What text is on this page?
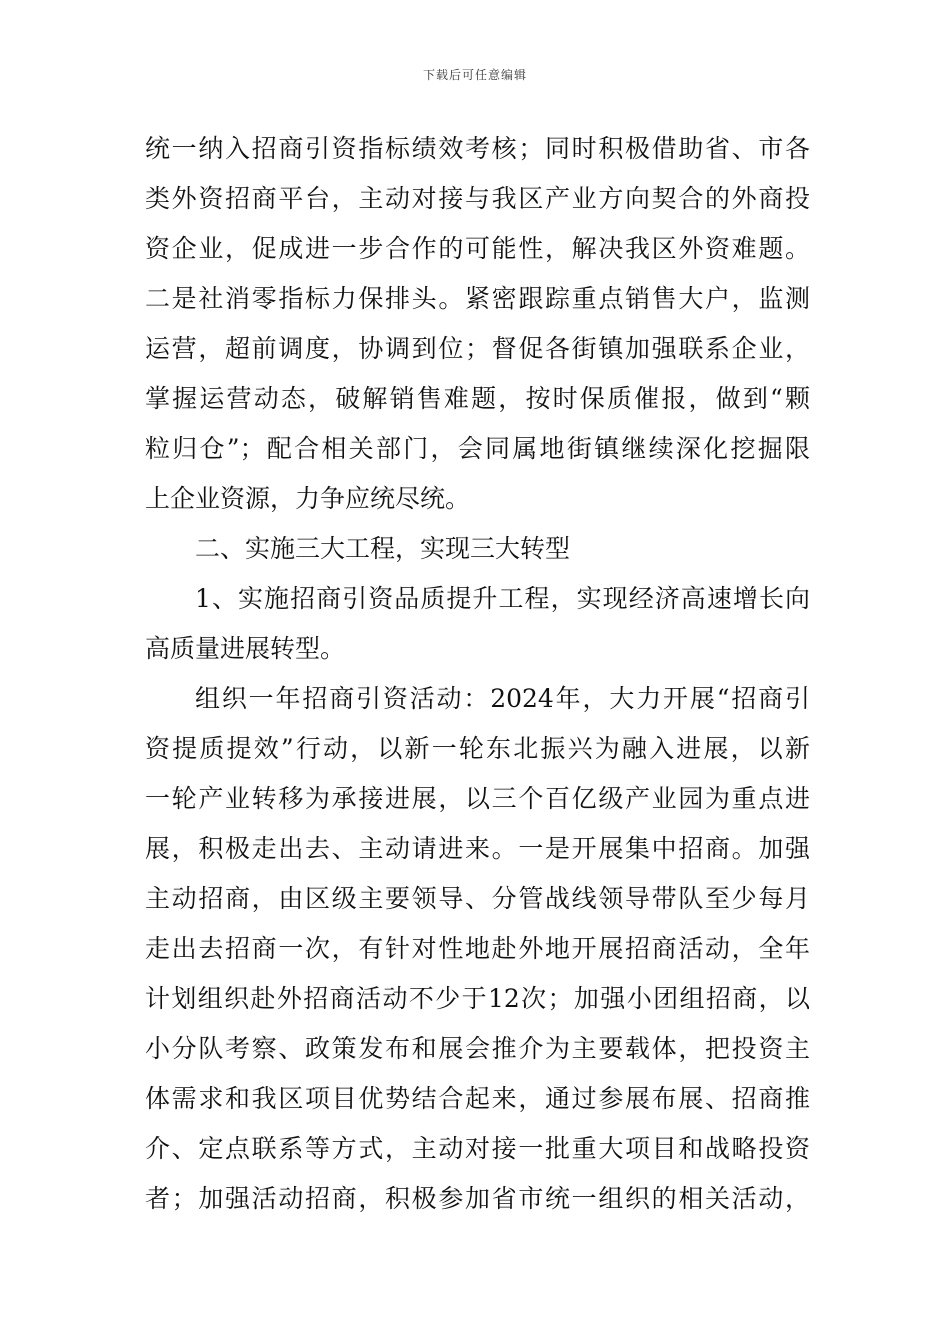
下载后可任意编辑
统一纳入招商引资指标绩效考核；同时积极借助省、市各
类外资招商平台，主动对接与我区产业方向契合的外商投
资企业，促成进一步合作的可能性，解决我区外资难题。
二是社消零指标力保排头。紧密跟踪重点销售大户，监测
运营，超前调度，协调到位；督促各街镇加强联系企业，
掌握运营动态，破解销售难题，按时保质催报，做到“颗
粒归仓”；配合相关部门，会同属地街镇继续深化挖掘限
上企业资源，力争应统尽统。
二、实施三大工程，实现三大转型
1、实施招商引资品质提升工程，实现经济高速增长向
高质量进展转型。
组织一年招商引资活动：2024年，大力开展“招商引
资提质提效”行动，以新一轮东北振兴为融入进展，以新
一轮产业转移为承接进展，以三个百亿级产业园为重点进
展，积极走出去、主动请进来。一是开展集中招商。加强
主动招商，由区级主要领导、分管战线领导带队至少每月
走出去招商一次，有针对性地赴外地开展招商活动，全年
计划组织赴外招商活动不少于12次；加强小团组招商，以
小分队考察、政策发布和展会推介为主要载体，把投资主
体需求和我区项目优势结合起来，通过参展布展、招商推
介、定点联系等方式，主动对接一批重大项目和战略投资
者；加强活动招商，积极参加省市统一组织的相关活动，
